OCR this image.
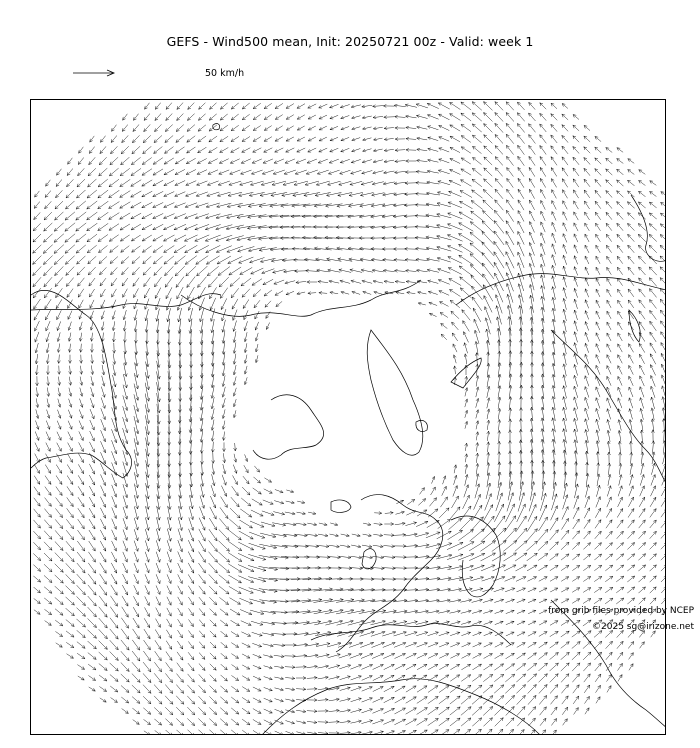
GEFS - Wind500 mean, Init: 20250721 00z - Valid: week 1
50 km/h
from grib files provided by NCEP
©2025 sg@irizone.net
